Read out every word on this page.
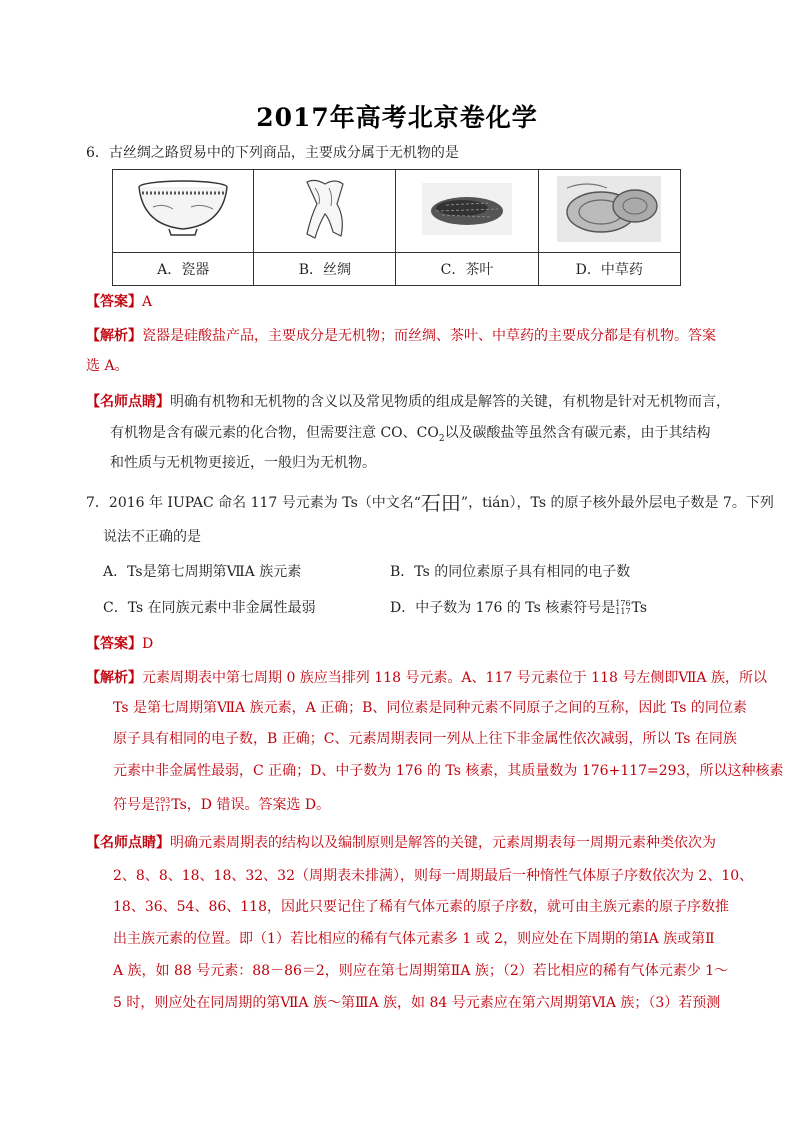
2017年高考北京卷化学
6．古丝绸之路贸易中的下列商品，主要成分属于无机物的是

A．瓷器	B．丝绸	C．茶叶	D．中草药
【答案】A
【解析】瓷器是硅酸盐产品，主要成分是无机物；而丝绸、茶叶、中草药的主要成分都是有机物。答案
选 A。
【名师点睛】明确有机物和无机物的含义以及常见物质的组成是解答的关键，有机物是针对无机物而言，
有机物是含有碳元素的化合物，但需要注意 CO、$CO_2$以及碳酸盐等虽然含有碳元素，由于其结构
和性质与无机物更接近，一般归为无机物。
7．2016 年 IUPAC 命名 117 号元素为 Ts（中文名“石田”，tián），Ts 的原子核外最外层电子数是 7。下列
说法不正确的是
A．Ts是第七周期第ⅦA 族元素	B．Ts 的同位素原子具有相同的电子数
C．Ts 在同族元素中非金属性最弱	D．中子数为 176 的 Ts 核素符号是 176
117 Ts
【答案】D
【解析】元素周期表中第七周期 0 族应当排列 118 号元素。A、117 号元素位于 118 号左侧即ⅦA 族，所以
Ts 是第七周期第ⅦA 族元素，A 正确；B、同位素是同种元素不同原子之间的互称，因此 Ts 的同位素
原子具有相同的电子数，B 正确；C、元素周期表同一列从上往下非金属性依次减弱，所以 Ts 在同族
元素中非金属性最弱，C 正确；D、中子数为 176 的 Ts 核素，其质量数为 176+117=293，所以这种核素
符号是 293
117 Ts，D 错误。答案选 D。
【名师点睛】明确元素周期表的结构以及编制原则是解答的关键，元素周期表每一周期元素种类依次为
2、8、8、18、18、32、32（周期表未排满），则每一周期最后一种惰性气体原子序数依次为 2、10、
18、36、54、86、118，因此只要记住了稀有气体元素的原子序数，就可由主族元素的原子序数推
出主族元素的位置。即（1）若比相应的稀有气体元素多 1 或 2，则应处在下周期的第ⅠA 族或第Ⅱ
A 族，如 88 号元素：88－86＝2，则应在第七周期第ⅡA 族；（2）若比相应的稀有气体元素少 1～
5 时，则应处在同周期的第ⅦA 族～第ⅢA 族，如 84 号元素应在第六周期第ⅥA 族；（3）若预测
